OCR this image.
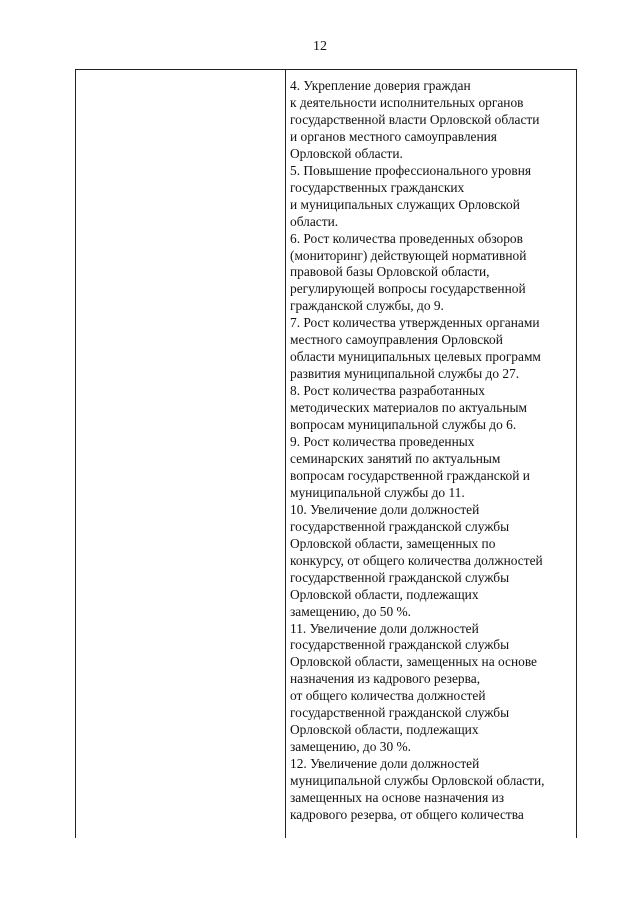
12
4. Укрепление доверия граждан
к деятельности исполнительных органов
государственной власти Орловской области
и органов местного самоуправления
Орловской области.
5. Повышение профессионального уровня
государственных гражданских
и муниципальных служащих Орловской
области.
6. Рост количества проведенных обзоров
(мониторинг) действующей нормативной
правовой базы Орловской области,
регулирующей вопросы государственной
гражданской службы, до 9.
7. Рост количества утвержденных органами
местного самоуправления Орловской
области муниципальных целевых программ
развития муниципальной службы до 27.
8. Рост количества разработанных
методических материалов по актуальным
вопросам муниципальной службы до 6.
9. Рост количества проведенных
семинарских занятий по актуальным
вопросам государственной гражданской и
муниципальной службы до 11.
10. Увеличение доли должностей
государственной гражданской службы
Орловской области, замещенных по
конкурсу, от общего количества должностей
государственной гражданской службы
Орловской области, подлежащих
замещению, до 50 %.
11. Увеличение доли должностей
государственной гражданской службы
Орловской области, замещенных на основе
назначения из кадрового резерва,
от общего количества должностей
государственной гражданской службы
Орловской области, подлежащих
замещению, до 30 %.
12. Увеличение доли должностей
муниципальной службы Орловской области,
замещенных на основе назначения из
кадрового резерва, от общего количества
